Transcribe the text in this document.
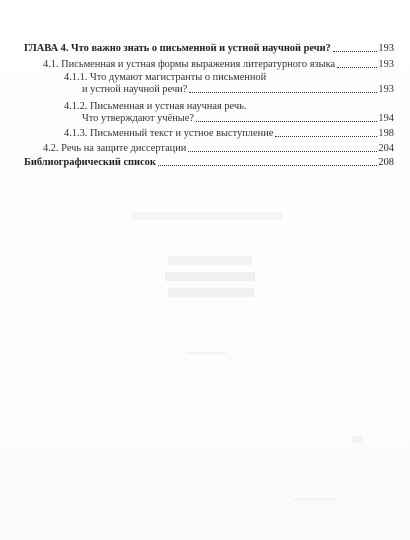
ГЛАВА 4. Что важно знать о письменной и устной научной речи?	193
4.1. Письменная и устная формы выражения литературного языка	193
4.1.1. Что думают магистранты о письменной
и устной научной речи?	193
4.1.2. Письменная и устная научная речь.
Что утверждают учёные?	194
4.1.3. Письменный текст и устное выступление	198
4.2. Речь на защите диссертации	204
Библиографический список	208
